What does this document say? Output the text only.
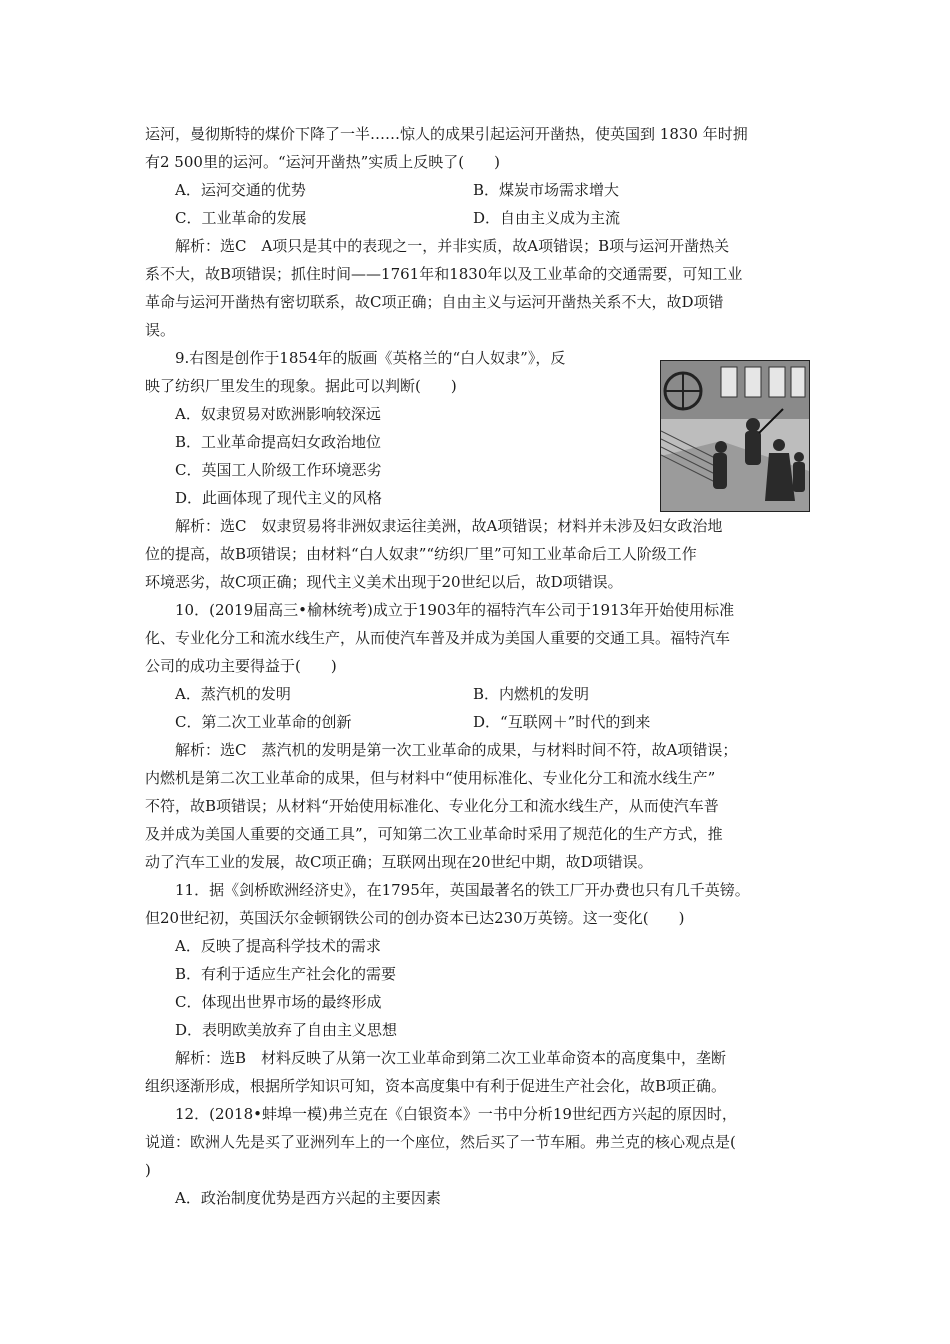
运河，曼彻斯特的煤价下降了一半……惊人的成果引起运河开凿热，使英国到 1830 年时拥
有2 500里的运河。“运河开凿热”实质上反映了(　　)
A．运河交通的优势	B．煤炭市场需求增大
C．工业革命的发展	D．自由主义成为主流
解析：选C　A项只是其中的表现之一，并非实质，故A项错误；B项与运河开凿热关
系不大，故B项错误；抓住时间——1761年和1830年以及工业革命的交通需要，可知工业
革命与运河开凿热有密切联系，故C项正确；自由主义与运河开凿热关系不大，故D项错
误。
9.右图是创作于1854年的版画《英格兰的“白人奴隶”》，反
映了纺织厂里发生的现象。据此可以判断(　　)
A．奴隶贸易对欧洲影响较深远
B．工业革命提高妇女政治地位
C．英国工人阶级工作环境恶劣
D．此画体现了现代主义的风格
解析：选C　奴隶贸易将非洲奴隶运往美洲，故A项错误；材料并未涉及妇女政治地
位的提高，故B项错误；由材料“白人奴隶”“纺织厂里”可知工业革命后工人阶级工作
环境恶劣，故C项正确；现代主义美术出现于20世纪以后，故D项错误。
10．(2019届高三•榆林统考)成立于1903年的福特汽车公司于1913年开始使用标准
化、专业化分工和流水线生产，从而使汽车普及并成为美国人重要的交通工具。福特汽车
公司的成功主要得益于(　　)
A．蒸汽机的发明	B．内燃机的发明
C．第二次工业革命的创新	D．“互联网＋”时代的到来
解析：选C　蒸汽机的发明是第一次工业革命的成果，与材料时间不符，故A项错误；
内燃机是第二次工业革命的成果，但与材料中“使用标准化、专业化分工和流水线生产”
不符，故B项错误；从材料“开始使用标准化、专业化分工和流水线生产，从而使汽车普
及并成为美国人重要的交通工具”，可知第二次工业革命时采用了规范化的生产方式，推
动了汽车工业的发展，故C项正确；互联网出现在20世纪中期，故D项错误。
11．据《剑桥欧洲经济史》，在1795年，英国最著名的铁工厂开办费也只有几千英镑。
但20世纪初，英国沃尔金顿钢铁公司的创办资本已达230万英镑。这一变化(　　)
A．反映了提高科学技术的需求
B．有利于适应生产社会化的需要
C．体现出世界市场的最终形成
D．表明欧美放弃了自由主义思想
解析：选B　材料反映了从第一次工业革命到第二次工业革命资本的高度集中，垄断
组织逐渐形成，根据所学知识可知，资本高度集中有利于促进生产社会化，故B项正确。
12．(2018•蚌埠一模)弗兰克在《白银资本》一书中分析19世纪西方兴起的原因时，
说道：欧洲人先是买了亚洲列车上的一个座位，然后买了一节车厢。弗兰克的核心观点是(
)
A．政治制度优势是西方兴起的主要因素
